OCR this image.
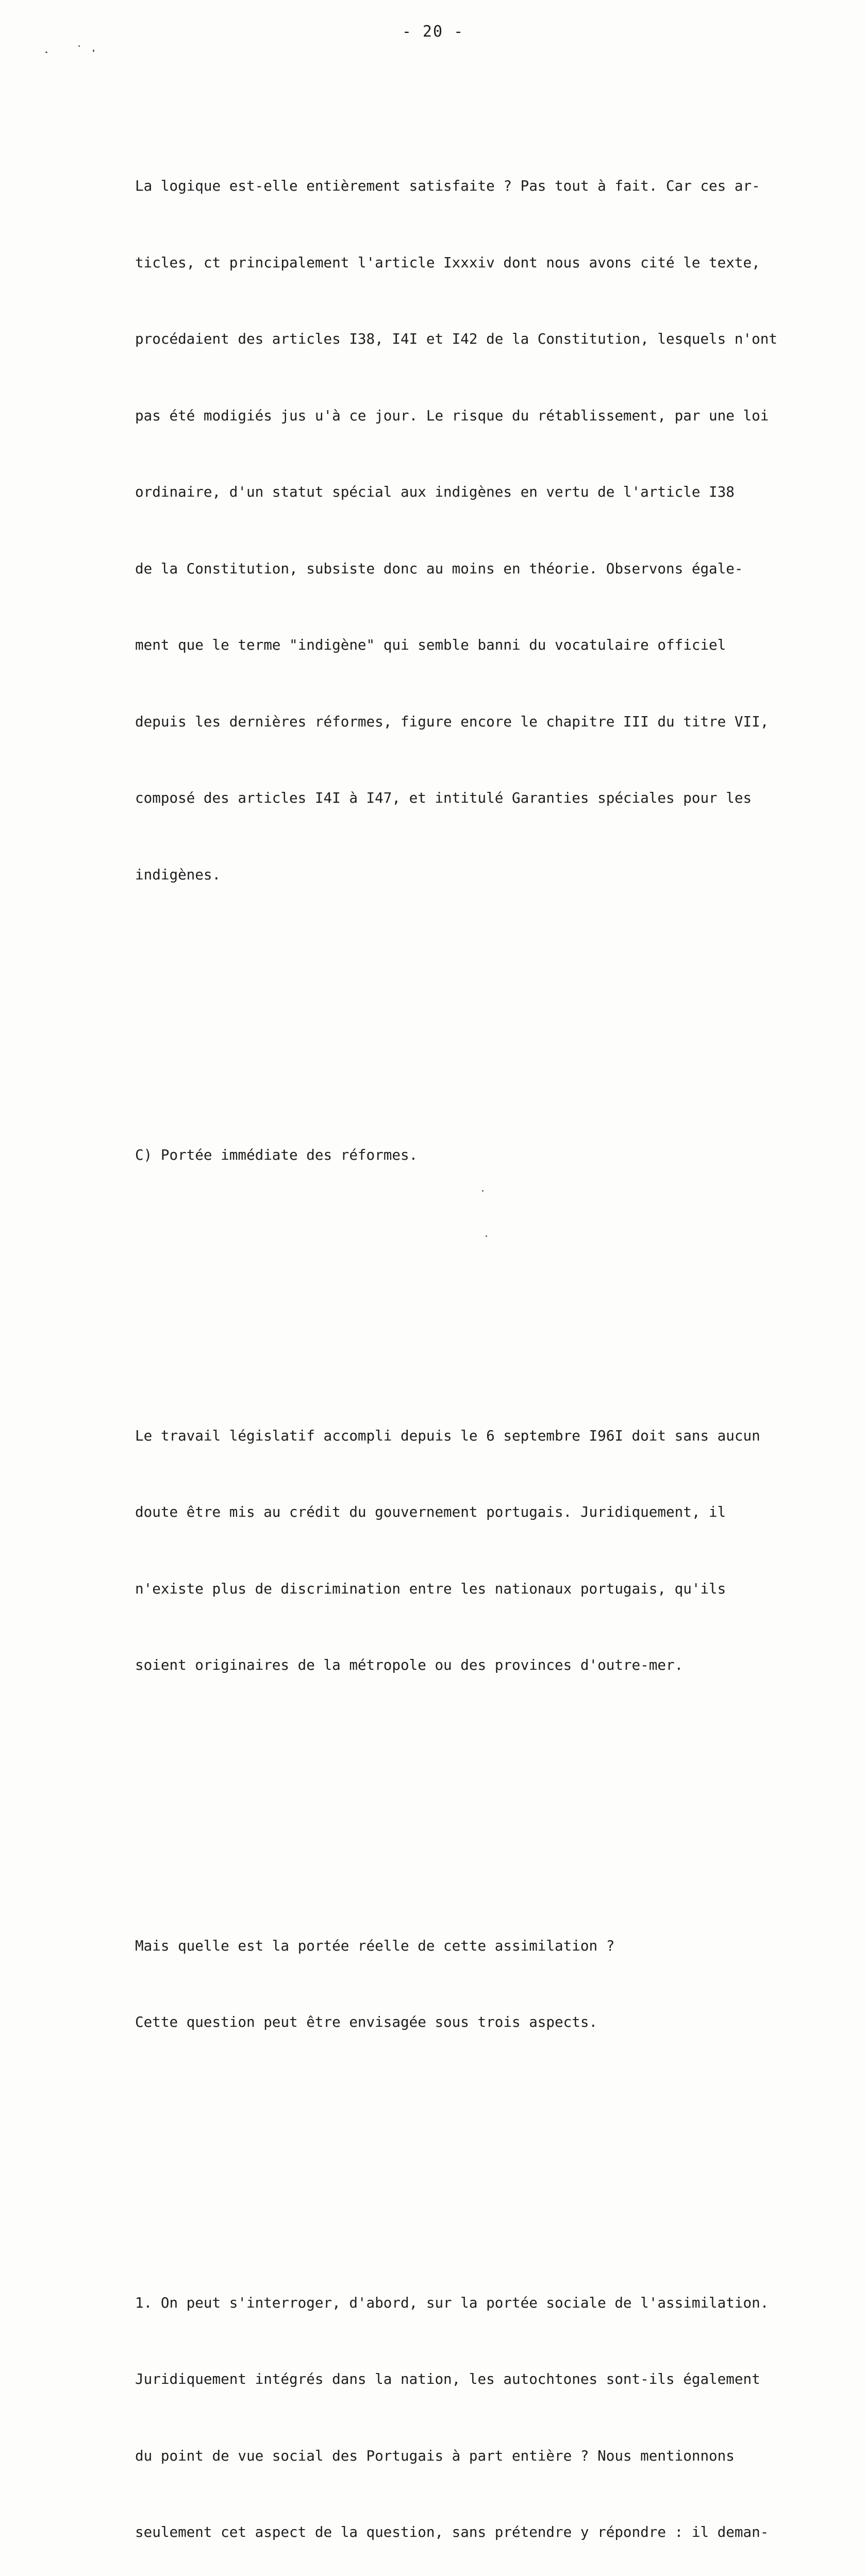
- 20 -

La logique est-elle entièrement satisfaite ? Pas tout à fait. Car ces ar-

ticles, ct principalement l'article Ixxxiv dont nous avons cité le texte,

procédaient des articles I38, I4I et I42 de la Constitution, lesquels n'ont

pas été modigiés jus u'à ce jour. Le risque du rétablissement, par une loi

ordinaire, d'un statut spécial aux indigènes en vertu de l'article I38

de la Constitution, subsiste donc au moins en théorie. Observons égale-

ment que le terme "indigène" qui semble banni du vocatulaire officiel

depuis les dernières réformes, figure encore le chapitre III du titre VII,

composé des articles I4I à I47, et intitulé Garanties spéciales pour les

indigènes.

C) Portée immédiate des réformes.

Le travail législatif accompli depuis le 6 septembre I96I doit sans aucun

doute être mis au crédit du gouvernement portugais. Juridiquement, il

n'existe plus de discrimination entre les nationaux portugais, qu'ils

soient originaires de la métropole ou des provinces d'outre-mer.

Mais quelle est la portée réelle de cette assimilation ?

Cette question peut être envisagée sous trois aspects.

1. On peut s'interroger, d'abord, sur la portée sociale de l'assimilation.

Juridiquement intégrés dans la nation, les autochtones sont-ils également

du point de vue social des Portugais à part entière ? Nous mentionnons

seulement cet aspect de la question, sans prétendre y répondre : il deman-
